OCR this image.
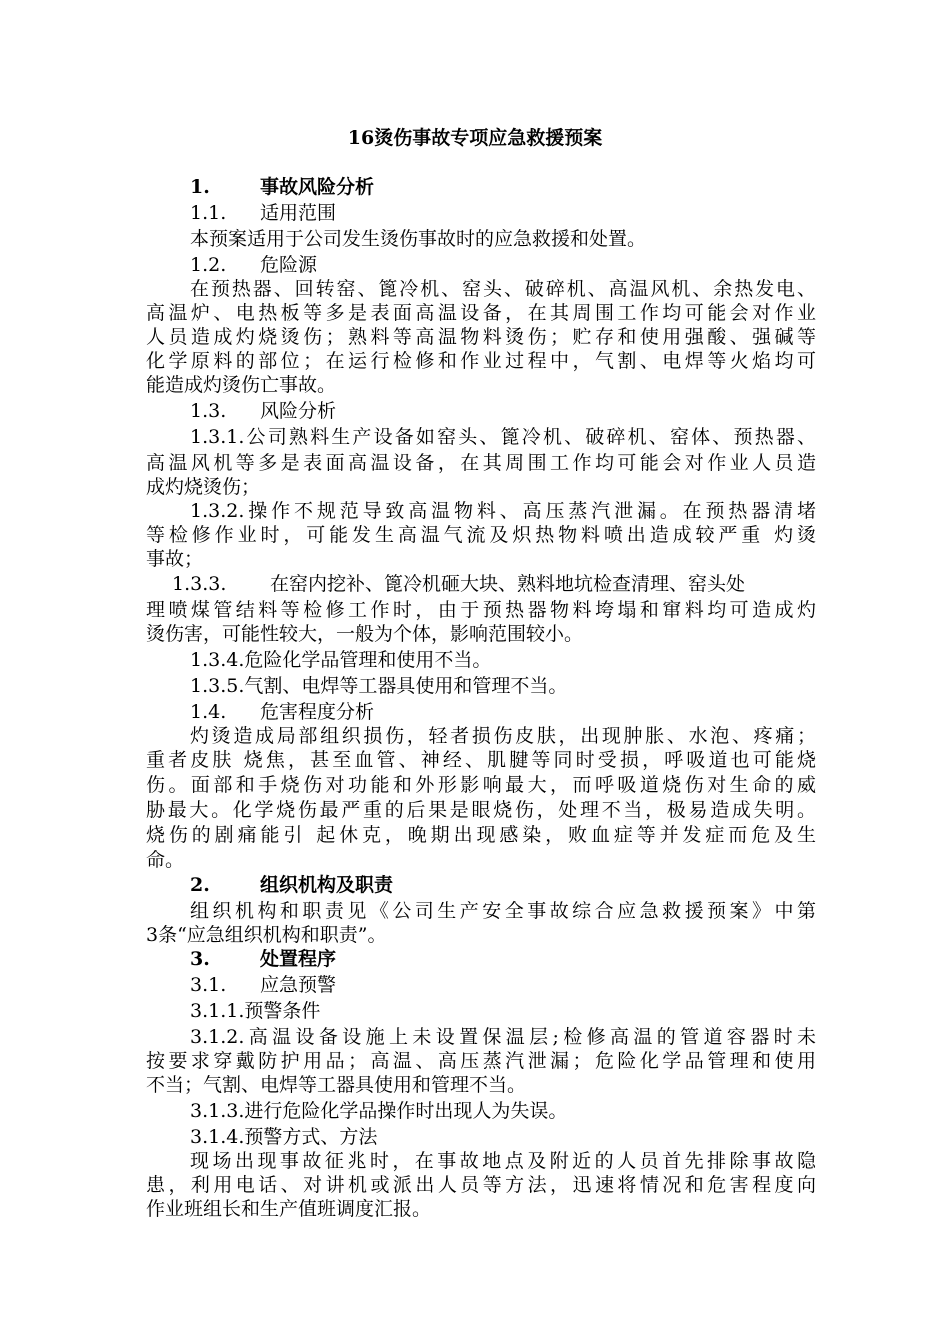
16烫伤事故专项应急救援预案
1.	事故风险分析
1.1. 适用范围
本预案适用于公司发生烫伤事故时的应急救援和处置。
1.2. 危险源
在预热器、回转窑、篦冷机、窑头、破碎机、高温风机、余热发电、
高温炉、电热板等多是表面高温设备，在其周围工作均可能会对作业
人员造成灼烧烫伤；熟料等高温物料烫伤；贮存和使用强酸、强碱等
化学原料的部位；在运行检修和作业过程中，气割、电焊等火焰均可
能造成灼烫伤亡事故。
1.3. 风险分析
1.3.1.公司熟料生产设备如窑头、篦冷机、破碎机、窑体、预热器、
高温风机等多是表面高温设备，在其周围工作均可能会对作业人员造
成灼烧烫伤；
1.3.2.操作不规范导致高温物料、高压蒸汽泄漏。在预热器清堵
等检修作业时，可能发生高温气流及炽热物料喷出造成较严重 灼烫
事故；
1.3.3. 在窑内挖补、篦冷机砸大块、熟料地坑检查清理、窑头处
理喷煤管结料等检修工作时，由于预热器物料垮塌和窜料均可造成灼
烫伤害，可能性较大，一般为个体，影响范围较小。
1.3.4.危险化学品管理和使用不当。
1.3.5.气割、电焊等工器具使用和管理不当。
1.4. 危害程度分析
灼烫造成局部组织损伤，轻者损伤皮肤，出现肿胀、水泡、疼痛；
重者皮肤 烧焦，甚至血管、神经、肌腱等同时受损，呼吸道也可能烧
伤。面部和手烧伤对功能和外形影响最大，而呼吸道烧伤对生命的威
胁最大。化学烧伤最严重的后果是眼烧伤，处理不当，极易造成失明。
烧伤的剧痛能引 起休克，晚期出现感染，败血症等并发症而危及生
命。
2.	组织机构及职责
组织机构和职责见《公司生产安全事故综合应急救援预案》中第
3条“应急组织机构和职责”。
3.	处置程序
3.1. 应急预警
3.1.1.预警条件
3.1.2.高温设备设施上未设置保温层;检修高温的管道容器时未
按要求穿戴防护用品；高温、高压蒸汽泄漏；危险化学品管理和使用
不当；气割、电焊等工器具使用和管理不当。
3.1.3.进行危险化学品操作时出现人为失误。
3.1.4.预警方式、方法
现场出现事故征兆时，在事故地点及附近的人员首先排除事故隐
患，利用电话、对讲机或派出人员等方法，迅速将情况和危害程度向
作业班组长和生产值班调度汇报。
